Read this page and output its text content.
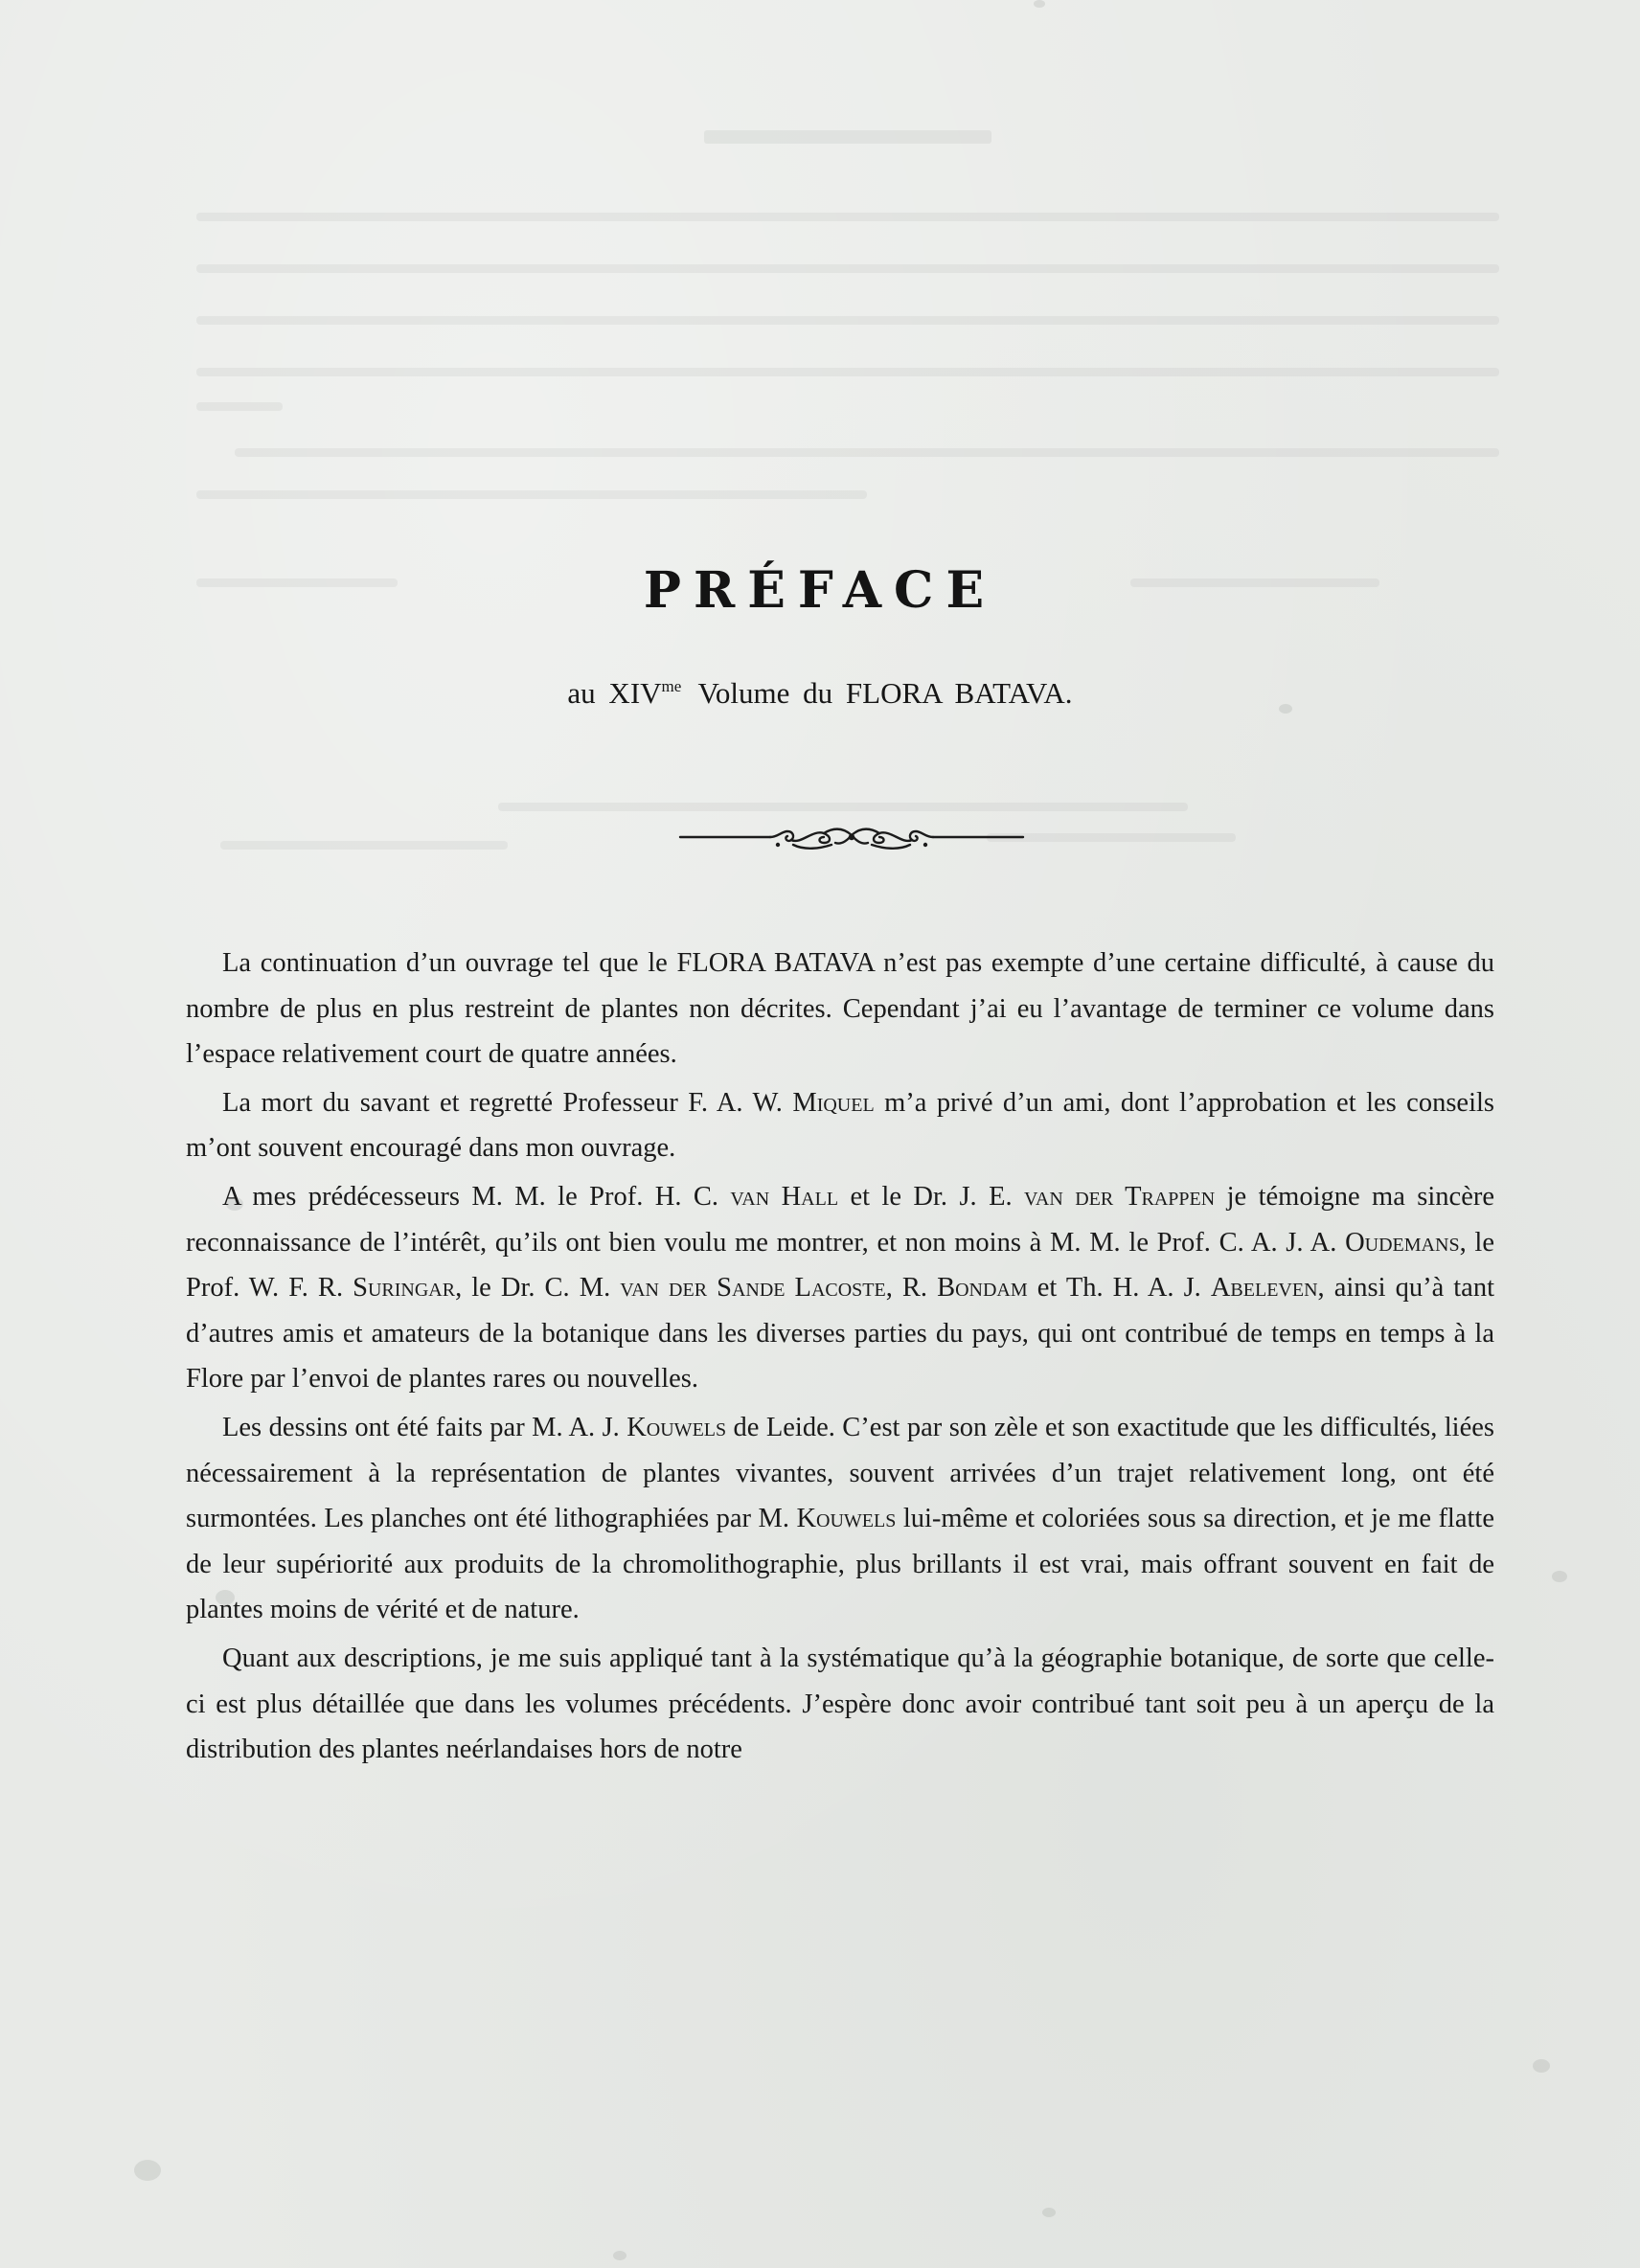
PRÉFACE
au $XIV^{me}$ Volume du FLORA BATAVA.

La continuation d’un ouvrage tel que le FLORA BATAVA n’est pas exempte d’une certaine difficulté, à cause du nombre de plus en plus restreint de plantes non décrites. Cependant j’ai eu l’avantage de terminer ce volume dans l’espace relativement court de quatre années.

La mort du savant et regretté Professeur F. A. W. Miquel m’a privé d’un ami, dont l’approbation et les conseils m’ont souvent encouragé dans mon ouvrage.

A mes prédécesseurs M. M. le Prof. H. C. van Hall et le Dr. J. E. van der Trappen je témoigne ma sincère reconnaissance de l’intérêt, qu’ils ont bien voulu me montrer, et non moins à M. M. le Prof. C. A. J. A. Oudemans, le Prof. W. F. R. Suringar, le Dr. C. M. van der Sande Lacoste, R. Bondam et Th. H. A. J. Abeleven, ainsi qu’à tant d’autres amis et amateurs de la botanique dans les diverses parties du pays, qui ont contribué de temps en temps à la Flore par l’envoi de plantes rares ou nouvelles.

Les dessins ont été faits par M. A. J. Kouwels de Leide. C’est par son zèle et son exactitude que les difficultés, liées nécessairement à la représentation de plantes vivantes, souvent arrivées d’un trajet relativement long, ont été surmontées. Les planches ont été lithographiées par M. Kouwels lui-même et coloriées sous sa direction, et je me flatte de leur supériorité aux produits de la chromolithographie, plus brillants il est vrai, mais offrant souvent en fait de plantes moins de vérité et de nature.

Quant aux descriptions, je me suis appliqué tant à la systématique qu’à la géographie botanique, de sorte que celle-ci est plus détaillée que dans les volumes précédents. J’espère donc avoir contribué tant soit peu à un aperçu de la distribution des plantes neérlandaises hors de notre
